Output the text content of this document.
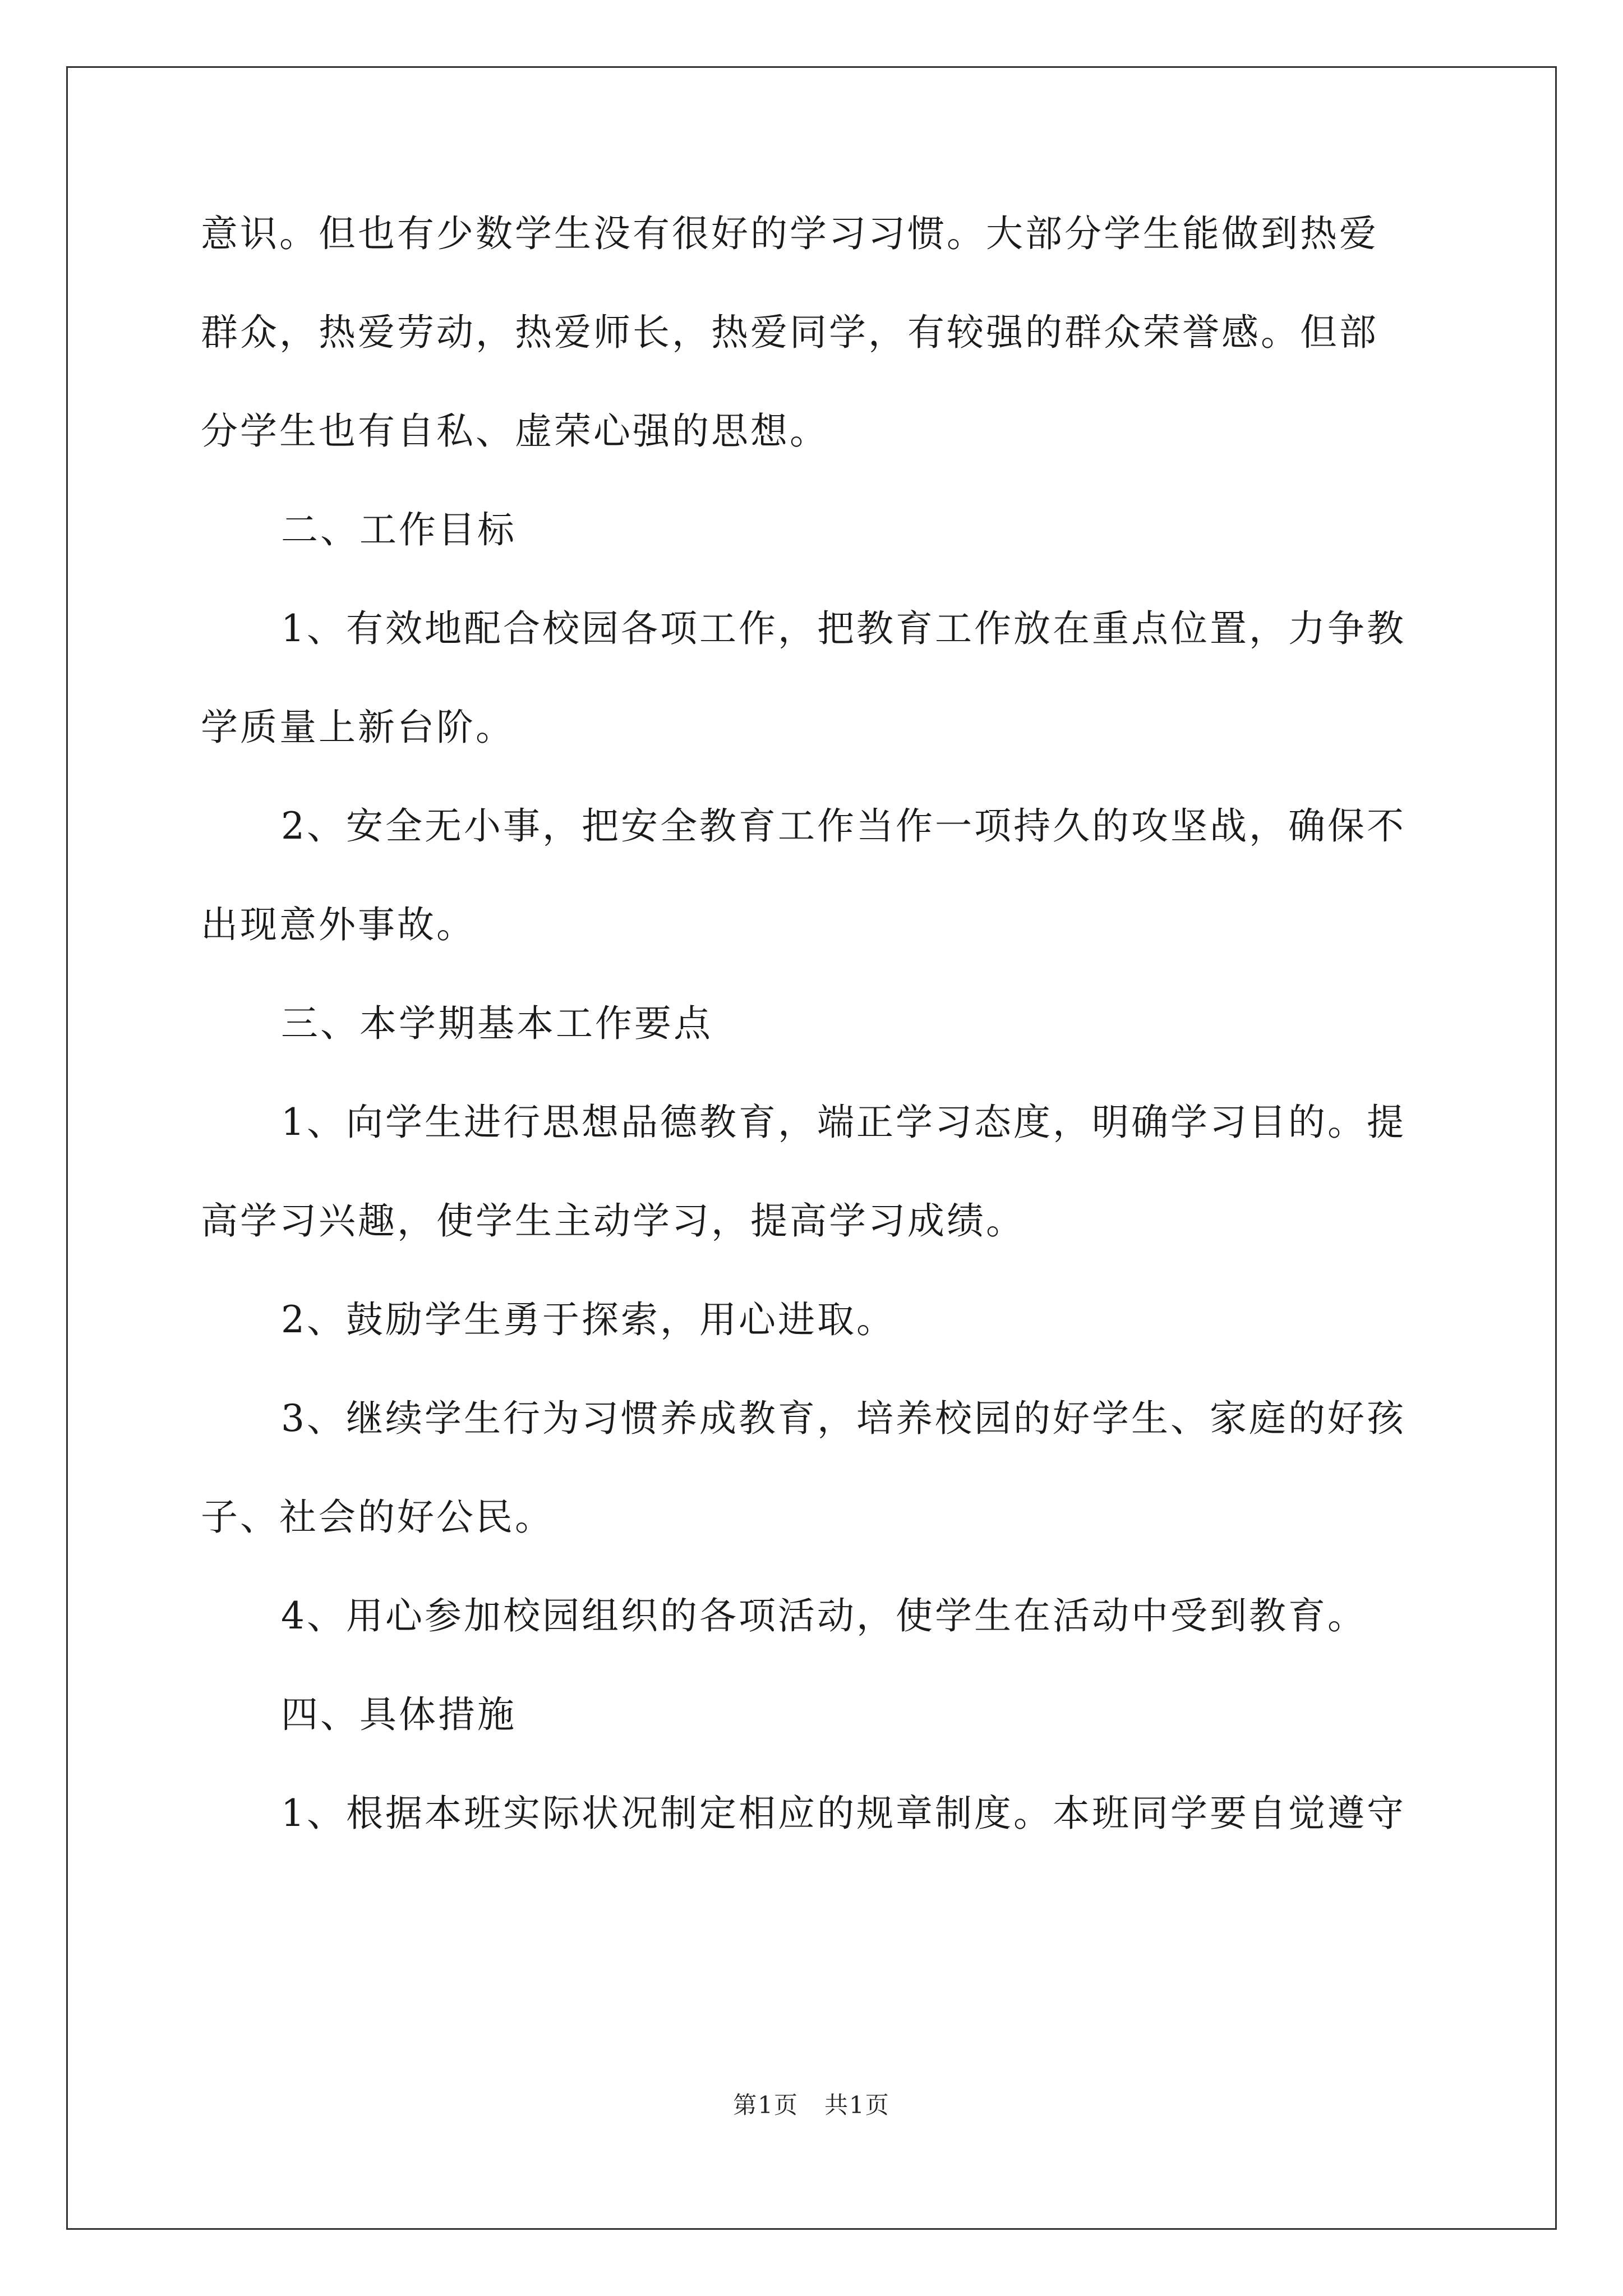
意识。但也有少数学生没有很好的学习习惯。大部分学生能做到热爱
群众，热爱劳动，热爱师长，热爱同学，有较强的群众荣誉感。但部
分学生也有自私、虚荣心强的思想。
二、工作目标
1、有效地配合校园各项工作，把教育工作放在重点位置，力争教
学质量上新台阶。
2、安全无小事，把安全教育工作当作一项持久的攻坚战，确保不
出现意外事故。
三、本学期基本工作要点
1、向学生进行思想品德教育，端正学习态度，明确学习目的。提
高学习兴趣，使学生主动学习，提高学习成绩。
2、鼓励学生勇于探索，用心进取。
3、继续学生行为习惯养成教育，培养校园的好学生、家庭的好孩
子、社会的好公民。
4、用心参加校园组织的各项活动，使学生在活动中受到教育。
四、具体措施
1、根据本班实际状况制定相应的规章制度。本班同学要自觉遵守
第1页 共1页
